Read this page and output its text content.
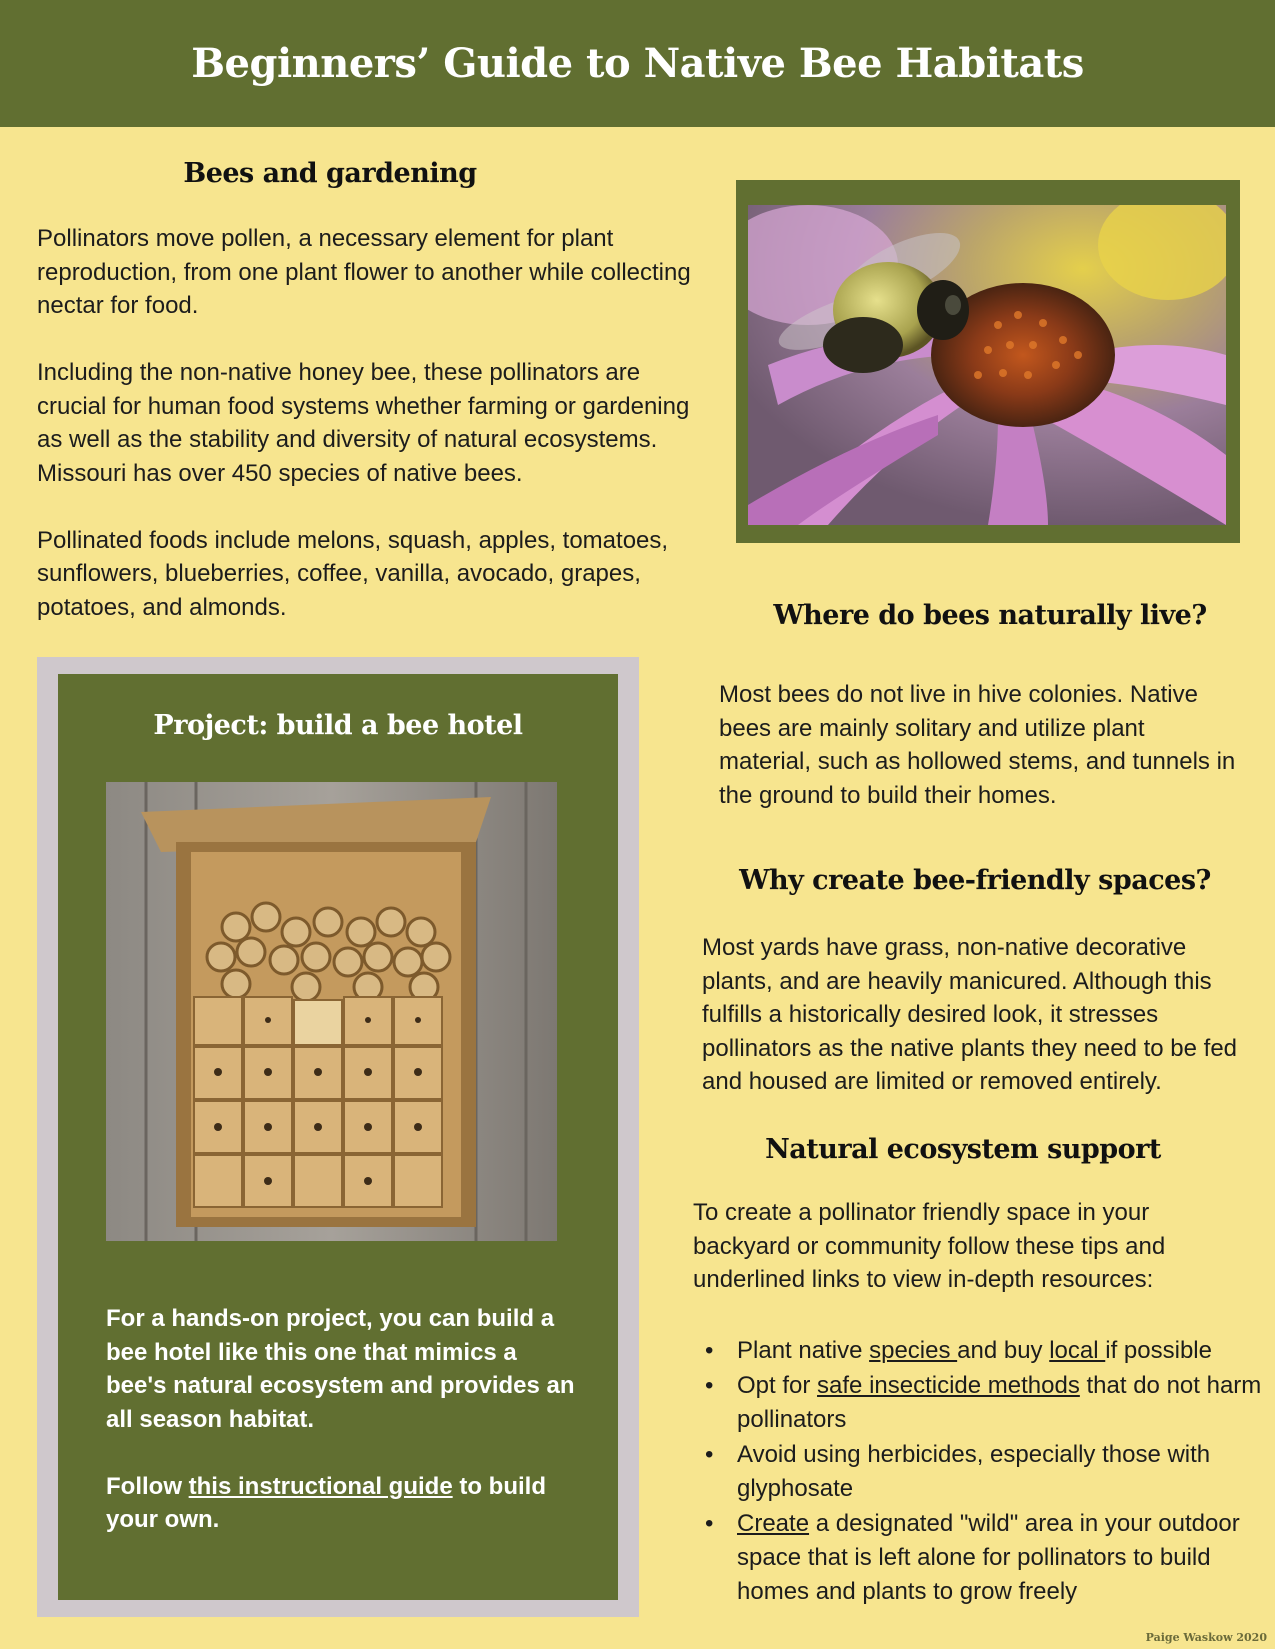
Beginners’ Guide to Native Bee Habitats
Bees and gardening

Pollinators move pollen, a necessary element for plant reproduction, from one plant flower to another while collecting nectar for food.

Including the non-native honey bee, these pollinators are crucial for human food systems whether farming or gardening as well as the stability and diversity of natural ecosystems. Missouri has over 450 species of native bees.

Pollinated foods include melons, squash, apples, tomatoes, sunflowers, blueberries, coffee, vanilla, avocado, grapes, potatoes, and almonds.

Project: build a bee hotel

For a hands-on project, you can build a bee hotel like this one that mimics a bee's natural ecosystem and provides an all season habitat.

Follow this instructional guide to build your own.

Where do bees naturally live?

Most bees do not live in hive colonies. Native bees are mainly solitary and utilize plant material, such as hollowed stems, and tunnels in the ground to build their homes.

Why create bee-friendly spaces?

Most yards have grass, non-native decorative plants, and are heavily manicured. Although this fulfills a historically desired look, it stresses pollinators as the native plants they need to be fed and housed are limited or removed entirely.

Natural ecosystem support

To create a pollinator friendly space in your backyard or community follow these tips and underlined links to view in-depth resources:

• Plant native species and buy local if possible
• Opt for safe insecticide methods that do not harm pollinators
• Avoid using herbicides, especially those with glyphosate
• Create a designated "wild" area in your outdoor space that is left alone for pollinators to build homes and plants to grow freely
Paige Waskow 2020
